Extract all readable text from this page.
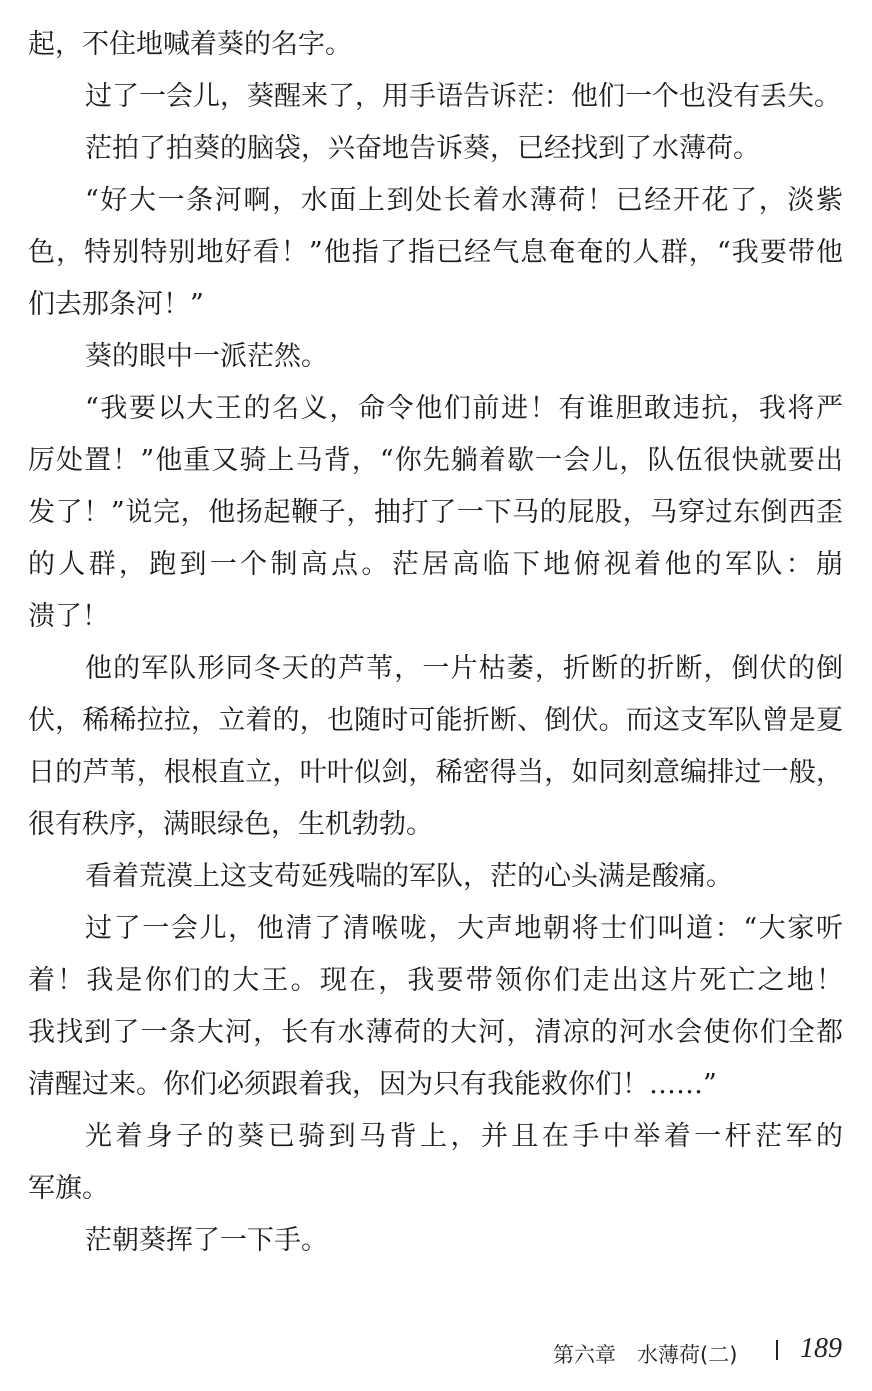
起，不住地喊着葵的名字。
过了一会儿，葵醒来了，用手语告诉茫：他们一个也没有丢失。
茫拍了拍葵的脑袋，兴奋地告诉葵，已经找到了水薄荷。
“好大一条河啊，水面上到处长着水薄荷！已经开花了，淡紫
色，特别特别地好看！”他指了指已经气息奄奄的人群，“我要带他
们去那条河！”
葵的眼中一派茫然。
“我要以大王的名义，命令他们前进！有谁胆敢违抗，我将严
厉处置！”他重又骑上马背，“你先躺着歇一会儿，队伍很快就要出
发了！”说完，他扬起鞭子，抽打了一下马的屁股，马穿过东倒西歪
的人群，跑到一个制高点。茫居高临下地俯视着他的军队：崩
溃了！
他的军队形同冬天的芦苇，一片枯萎，折断的折断，倒伏的倒
伏，稀稀拉拉，立着的，也随时可能折断、倒伏。而这支军队曾是夏
日的芦苇，根根直立，叶叶似剑，稀密得当，如同刻意编排过一般，
很有秩序，满眼绿色，生机勃勃。
看着荒漠上这支苟延残喘的军队，茫的心头满是酸痛。
过了一会儿，他清了清喉咙，大声地朝将士们叫道：“大家听
着！我是你们的大王。现在，我要带领你们走出这片死亡之地！
我找到了一条大河，长有水薄荷的大河，清凉的河水会使你们全都
清醒过来。你们必须跟着我，因为只有我能救你们！……”
光着身子的葵已骑到马背上，并且在手中举着一杆茫军的
军旗。
茫朝葵挥了一下手。
第六章　水薄荷(二) 189
